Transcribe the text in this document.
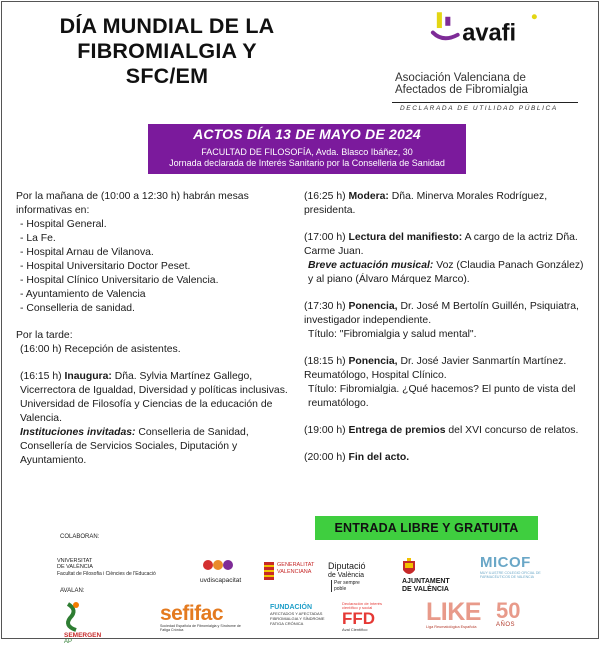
DÍA MUNDIAL DE LA
FIBROMIALGIA Y
SFC/EM
avafi
Asociación Valenciana de
Afectados de Fibromialgia
DECLARADA DE UTILIDAD PÚBLICA
ACTOS DÍA 13 DE MAYO DE 2024
FACULTAD DE FILOSOFÍA, Avda. Blasco Ibáñez, 30
Jornada declarada de Interés Sanitario por la Conselleria de Sanidad

Por la mañana de (10:00 a 12:30 h) habrán mesas informativas en:

- Hospital General.

- La Fe.

- Hospital Arnau de Vilanova.

- Hospital Universitario Doctor Peset.

- Hospital Clínico Universitario de Valencia.

- Ayuntamiento de Valencia

- Conselleria de sanidad.

Por la tarde:

(16:00 h) Recepción de asistentes.

(16:15 h) Inaugura: Dña. Sylvia Martínez Gallego, Vicerrectora de Igualdad, Diversidad y políticas inclusivas. Universidad de Filosofía y Ciencias de la educación de Valencia.

Instituciones invitadas: Conselleria de Sanidad, Consellería de Servicios Sociales, Diputación y Ayuntamiento.

(16:25 h) Modera: Dña. Minerva Morales Rodríguez, presidenta.

(17:00 h) Lectura del manifiesto: A cargo de la actriz Dña. Carme Juan.

Breve actuación musical: Voz (Claudia Panach González) y al piano (Álvaro Márquez Marco).

(17:30 h) Ponencia, Dr. José M Bertolín Guillén, Psiquiatra, investigador independiente.

Título: "Fibromialgia y salud mental".

(18:15 h) Ponencia, Dr. José Javier Sanmartín Martínez. Reumatólogo, Hospital Clínico.

Título: Fibromialgia. ¿Qué hacemos? El punto de vista del reumatólogo.

(19:00 h) Entrega de premios del XVI concurso de relatos.

(20:00 h) Fin del acto.

ENTRADA LIBRE Y GRATUITA
COLABORAN:
VNIVERSITAT
DE VALÈNCIA
Facultat de Filosofia i Ciències de l'Educació
uvdiscapacitat
GENERALITAT
VALENCIANA
Diputació
de València
Per sempre
poble
AJUNTAMENT
DE VALÈNCIA
MICOF
MUY ILUSTRE COLEGIO OFICIAL DE FARMACÉUTICOS DE VALENCIA
AVALAN:
SEMERGEN
AP
sefifac
Sociedad Española de Fibromialgia y Síndrome de Fatiga Crónica
FUNDACIÓN
AFECTADOS Y AFECTADAS
FIBROMIALGIA Y SÍNDROME
FATIGA CRÓNICA
Declaración de Interés científico y social
FFD
Aval Científico
LIKE
Liga Reumatológica Española
50
AÑOS
